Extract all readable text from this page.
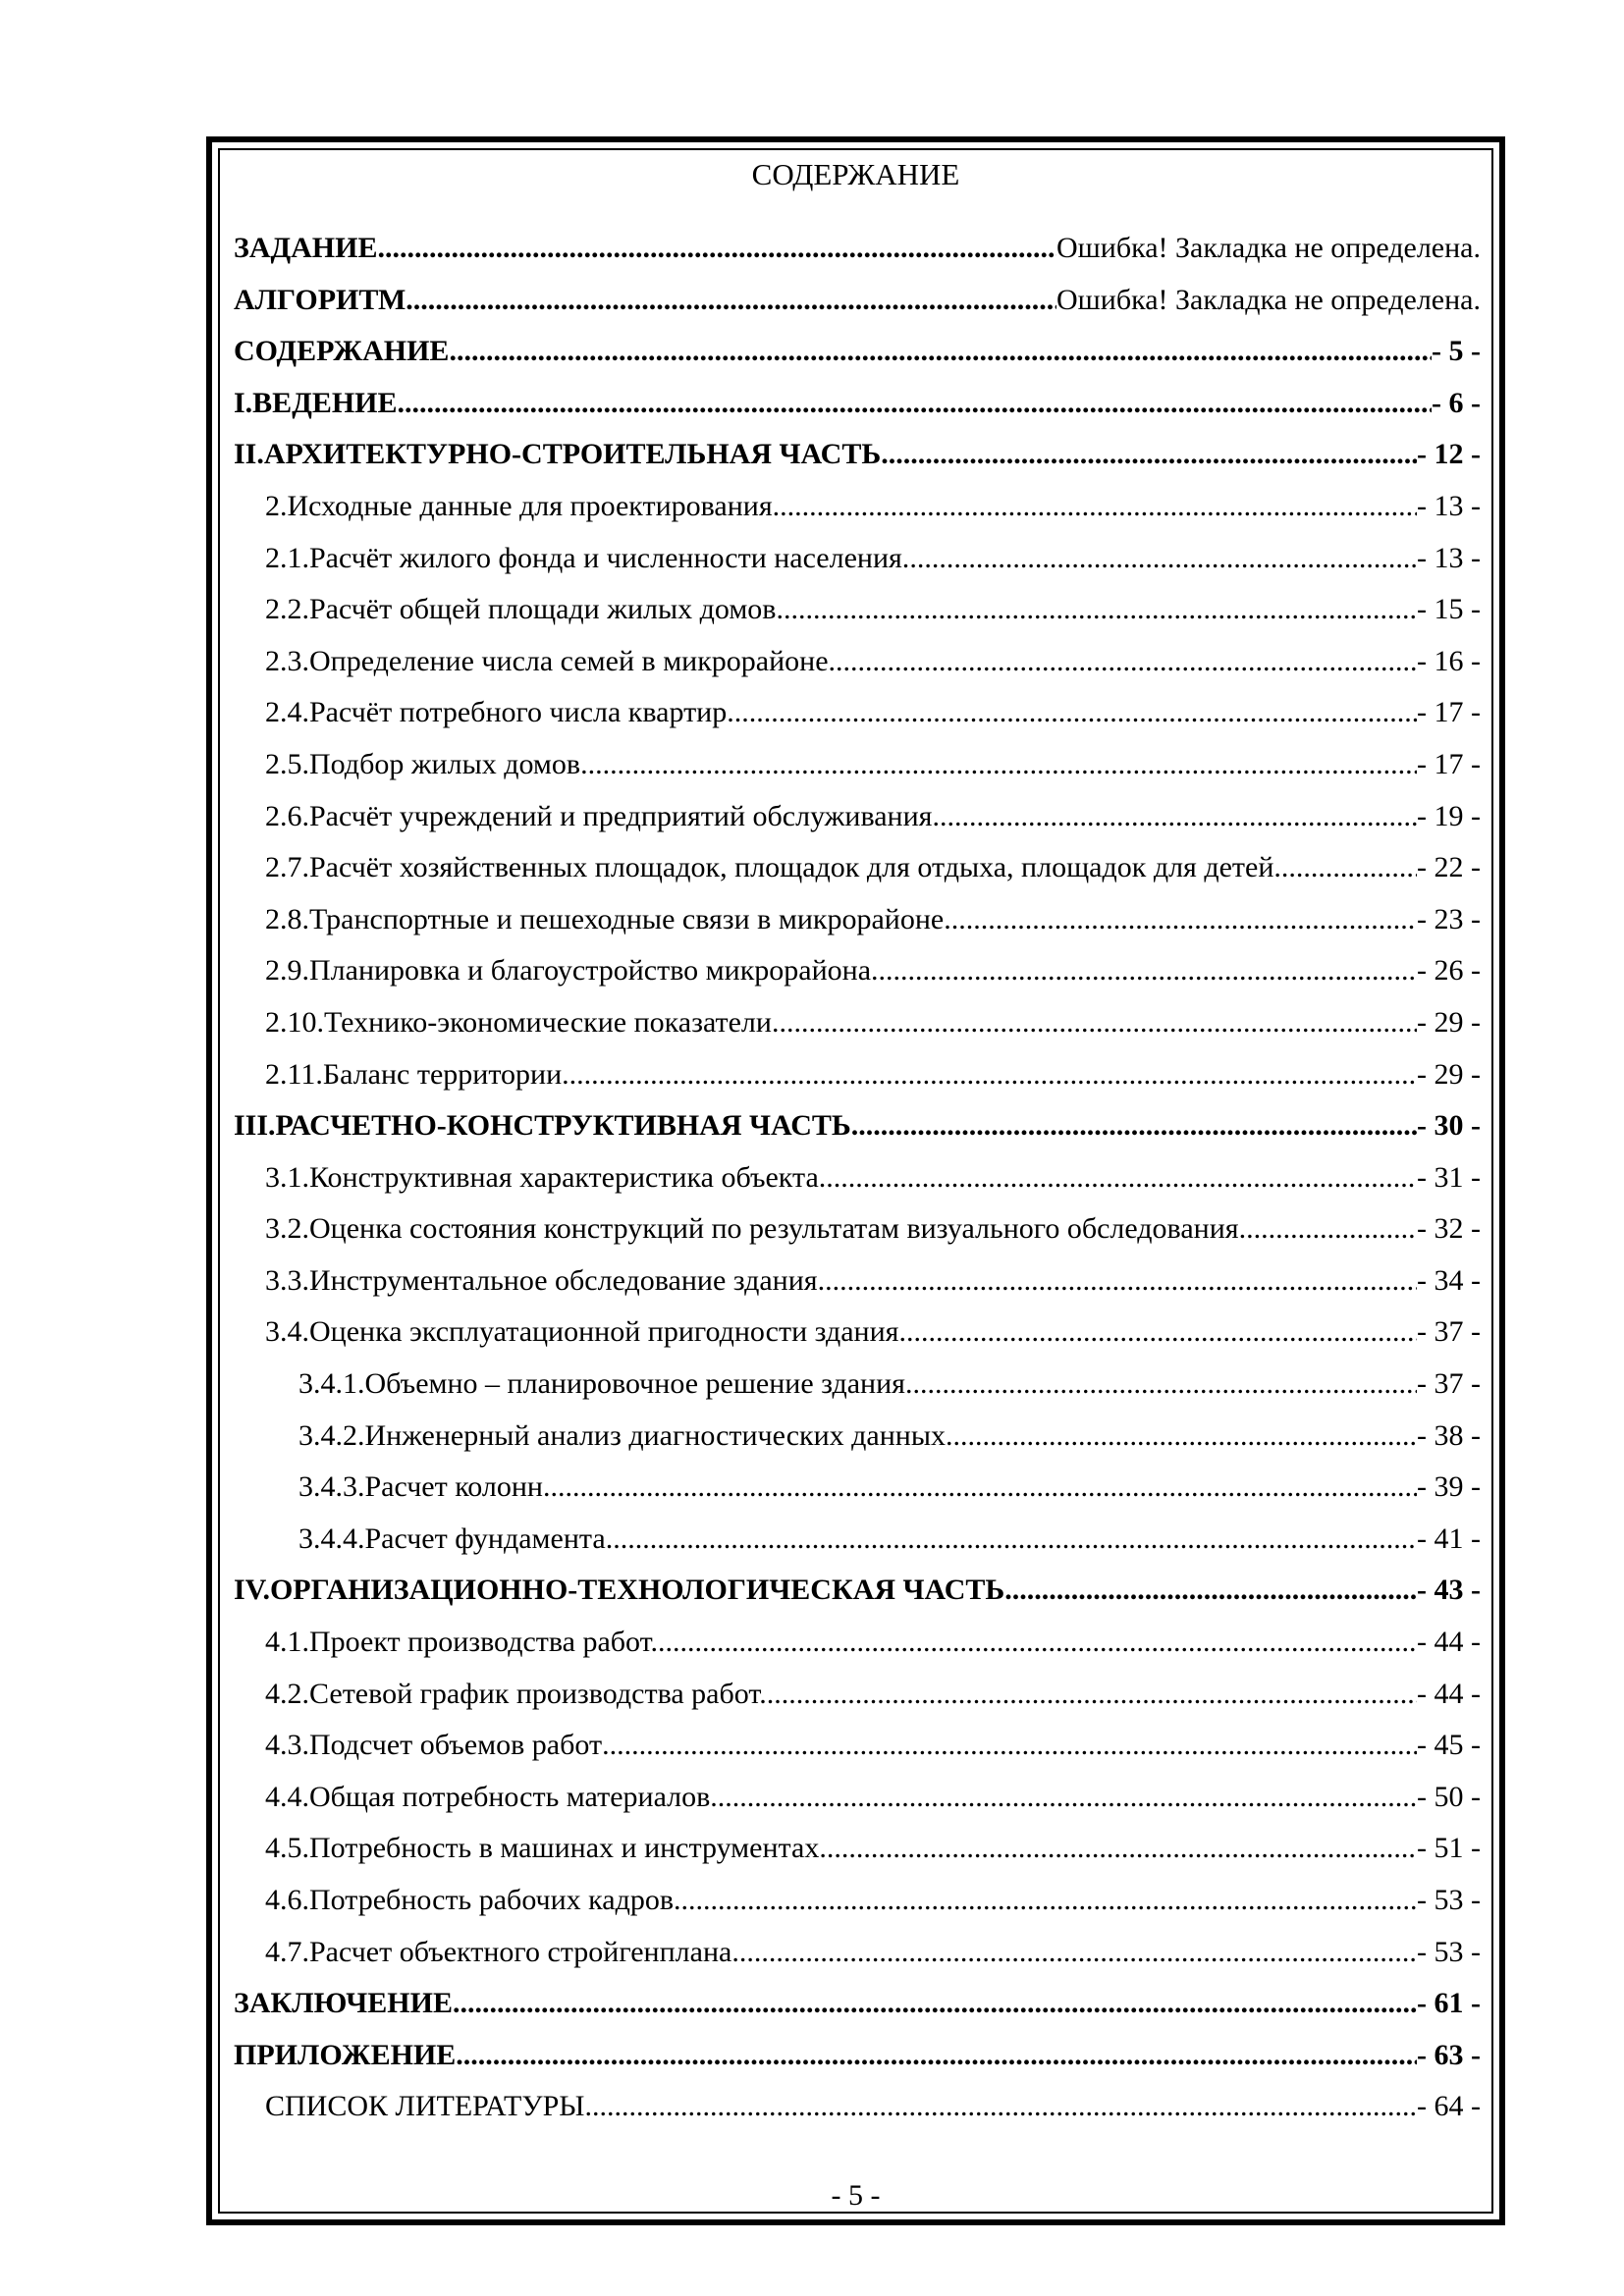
СОДЕРЖАНИЕ
ЗАДАНИЕ .....	Ошибка! Закладка не определена.
АЛГОРИТМ .....	Ошибка! Закладка не определена.
СОДЕРЖАНИЕ .....	- 5 -
I.ВЕДЕНИЕ .....	- 6 -
II.АРХИТЕКТУРНО-СТРОИТЕЛЬНАЯ ЧАСТЬ .....	- 12 -
2.Исходные данные для проектирования. .....	- 13 -
2.1.Расчёт жилого фонда и численности населения. .....	- 13 -
2.2.Расчёт общей площади жилых домов .....	- 15 -
2.3.Определение числа семей в микрорайоне .....	- 16 -
2.4.Расчёт потребного числа квартир .....	- 17 -
2.5.Подбор жилых домов .....	- 17 -
2.6.Расчёт учреждений и предприятий обслуживания. .....	- 19 -
2.7.Расчёт хозяйственных площадок, площадок для отдыха, площадок для детей. .....	- 22 -
2.8.Транспортные и пешеходные связи в микрорайоне .....	- 23 -
2.9.Планировка и благоустройство микрорайона. .....	- 26 -
2.10.Технико-экономические показатели .....	- 29 -
2.11.Баланс территории. .....	- 29 -
III.РАСЧЕТНО-КОНСТРУКТИВНАЯ ЧАСТЬ .....	- 30 -
3.1.Конструктивная характеристика объекта .....	- 31 -
3.2.Оценка состояния конструкций по результатам визуального обследования .....	- 32 -
3.3.Инструментальное обследование здания .....	- 34 -
3.4.Оценка эксплуатационной пригодности здания .....	- 37 -
3.4.1.Объемно – планировочное решение здания .....	- 37 -
3.4.2.Инженерный анализ диагностических данных .....	- 38 -
3.4.3.Расчет колонн. .....	- 39 -
3.4.4.Расчет фундамента .....	- 41 -
IV.ОРГАНИЗАЦИОННО-ТЕХНОЛОГИЧЕСКАЯ ЧАСТЬ .....	- 43 -
4.1.Проект производства работ. .....	- 44 -
4.2.Сетевой график производства работ. .....	- 44 -
4.3.Подсчет объемов работ .....	- 45 -
4.4.Общая потребность материалов .....	- 50 -
4.5.Потребность в машинах и инструментах .....	- 51 -
4.6.Потребность рабочих кадров .....	- 53 -
4.7.Расчет объектного стройгенплана .....	- 53 -
ЗАКЛЮЧЕНИЕ .....	- 61 -
ПРИЛОЖЕНИЕ .....	- 63 -
СПИСОК ЛИТЕРАТУРЫ .....	- 64 -
- 5 -
